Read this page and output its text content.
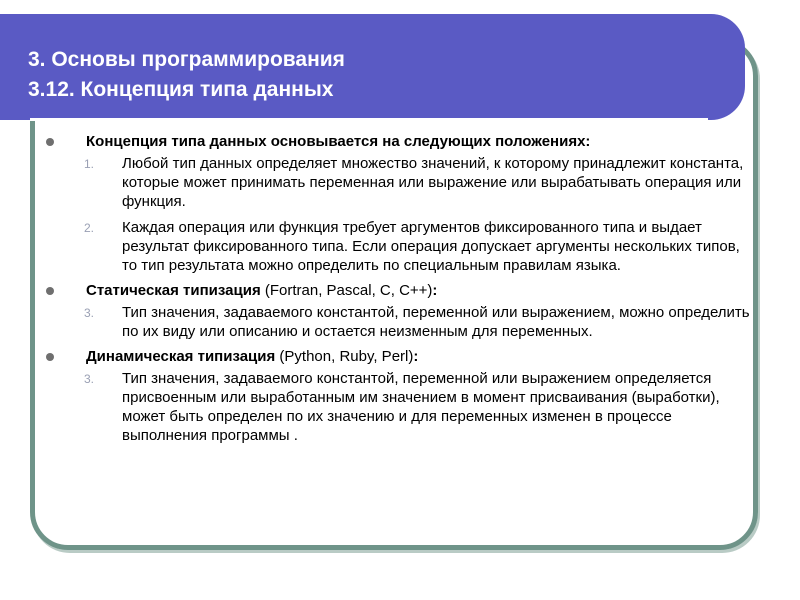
3. Основы программирования
3.12. Концепция типа данных
Концепция типа данных основывается на следующих положениях:
1. Любой тип данных определяет множество значений, к которому принадлежит константа, которые может принимать переменная или выражение или вырабатывать операция или функция.
2. Каждая операция или функция требует аргументов фиксированного типа и выдает результат фиксированного типа. Если операция допускает аргументы нескольких типов, то тип результата можно определить по специальным правилам языка.
Статическая типизация (Fortran, Pascal, C, C++):
3. Тип значения, задаваемого константой, переменной или выражением, можно определить по их виду или описанию и остается неизменным для переменных.
Динамическая типизация (Python, Ruby, Perl):
3. Тип значения, задаваемого константой, переменной или выражением определяется присвоенным или выработанным им значением в момент присваивания (выработки), может быть определен по их значению и для переменных изменен в процессе выполнения программы .
